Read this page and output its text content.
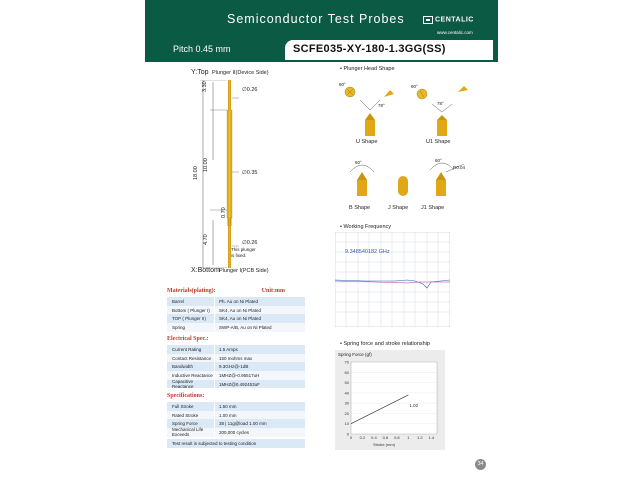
Semiconductor Test Probes	CENTALIC
www.centalic.com
Pitch 0.45 mm	SCFE035-XY-180-1.3GG(SS)
Y:Top Plunger II(Device Side)
∅0.26
∅0.35
∅0.26
This plunger
is fixed.
3.30
10.00
18.00
0.70
4.70
X:Bottom Plunger I(PCB Side)
Materials(plating):	Unit:mm
Barrel	Ph. Au on Ni Plated
Bottom ( Plunger I)	SK4, Au on Ni Plated
TOP ( Plunger II)	SK4, Au on Ni Plated
Spring	SWP-A/B, Au on Ni Plated
Electrical Spec.:
Current Rating	1.5 Amps
Contact Resistance	150 mohms max
Bandwidth	9.3GHz@-1dB
Inductive Reactance	1MHZ@-0.95517uH
Capacitive Reactance	1MHZ@0.492453uF
Specifications:
Full Stroke	1.50 mm
Rated Stroke	1.00 mm
Spring Force	38 | 11g@load 1.00 mm
Mechanical Life Exceeds	200,000 cycles
Test result is subjected to testing condition
• Plunger Head Shape
78°
90°
78°
90°
U Shape	U1 Shape
60°	60°
R0.04
B Shape	J Shape J1 Shape
• Working Frequency
9.348540182 GHz
• Spring force and stroke relationship
Spring Force (gf)
70
60
50
40
30
20
10
0
0 0.2 0.4 0.6 0.8 1 1.2 1.4
1.02
Stroke (mm)
34
